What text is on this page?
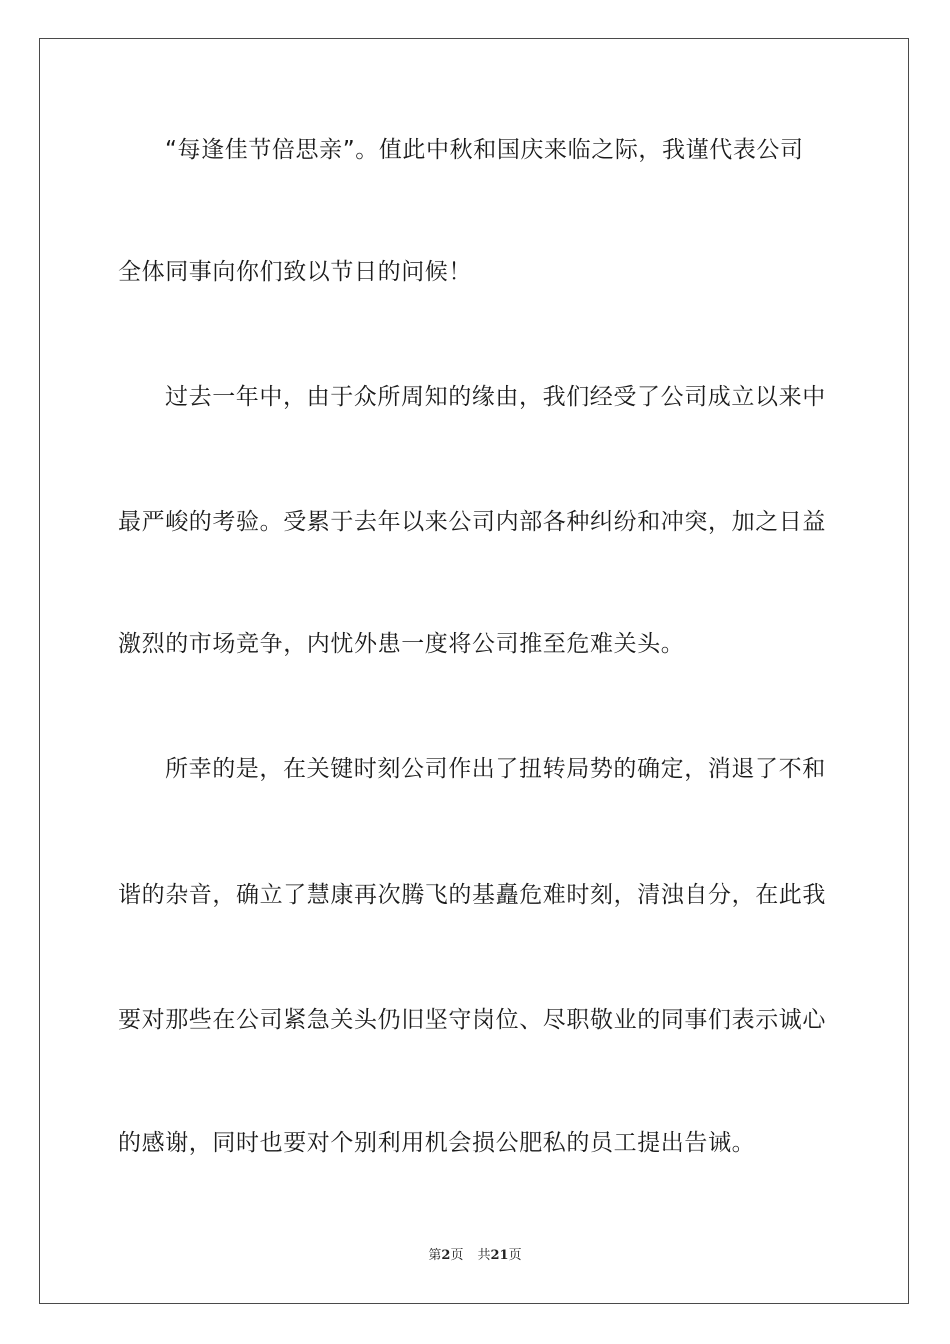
“每逢佳节倍思亲”。值此中秋和国庆来临之际，我谨代表公司
全体同事向你们致以节日的问候！
过去一年中，由于众所周知的缘由，我们经受了公司成立以来中
最严峻的考验。受累于去年以来公司内部各种纠纷和冲突，加之日益
激烈的市场竞争，内忧外患一度将公司推至危难关头。
所幸的是，在关键时刻公司作出了扭转局势的确定，消退了不和
谐的杂音，确立了慧康再次腾飞的基矗危难时刻，清浊自分，在此我
要对那些在公司紧急关头仍旧坚守岗位、尽职敬业的同事们表示诚心
的感谢，同时也要对个别利用机会损公肥私的员工提出告诫。
第2页 共21页
